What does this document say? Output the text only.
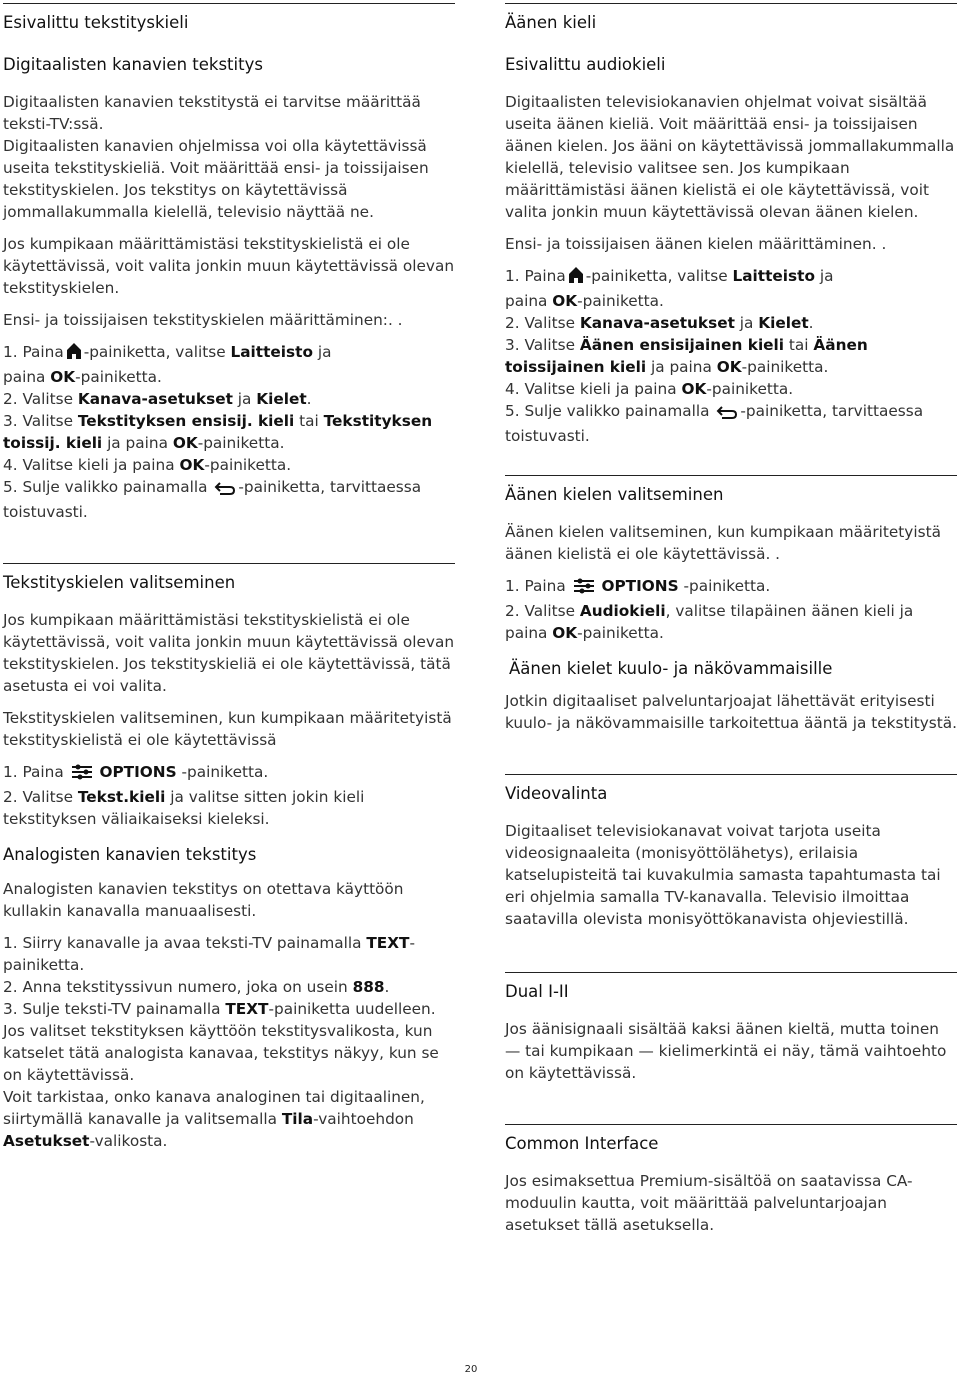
Esivalittu tekstityskieli
Digitaalisten kanavien tekstitys

Digitaalisten kanavien tekstitystä ei tarvitse määrittää teksti-TV:ssä.

Digitaalisten kanavien ohjelmissa voi olla käytettävissä useita tekstityskieliä. Voit määrittää ensi- ja toissijaisen tekstityskielen. Jos tekstitys on käytettävissä jommallakummalla kielellä, televisio näyttää ne.

Jos kumpikaan määrittämistäsi tekstityskielistä ei ole käytettävissä, voit valita jonkin muun käytettävissä olevan tekstityskielen.

Ensi- ja toissijaisen tekstityskielen määrittäminen:. .

1. Paina -painiketta, valitse Laitteisto ja
paina OK-painiketta.

2. Valitse Kanava-asetukset ja Kielet.

3. Valitse Tekstityksen ensisij. kieli tai Tekstityksen toissij. kieli ja paina OK-painiketta.

4. Valitse kieli ja paina OK-painiketta.

5. Sulje valikko painamalla -painiketta, tarvittaessa toistuvasti.

Tekstityskielen valitseminen

Jos kumpikaan määrittämistäsi tekstityskielistä ei ole käytettävissä, voit valita jonkin muun käytettävissä olevan tekstityskielen. Jos tekstityskieliä ei ole käytettävissä, tätä asetusta ei voi valita.

Tekstityskielen valitseminen, kun kumpikaan määritetyistä tekstityskielistä ei ole käytettävissä

1. Paina OPTIONS -painiketta.

2. Valitse Tekst.kieli ja valitse sitten jokin kieli tekstityksen väliaikaiseksi kieleksi.

Analogisten kanavien tekstitys

Analogisten kanavien tekstitys on otettava käyttöön kullakin kanavalla manuaalisesti.

1. Siirry kanavalle ja avaa teksti-TV painamalla TEXT-painiketta.

2. Anna tekstityssivun numero, joka on usein 888.

3. Sulje teksti-TV painamalla TEXT-painiketta uudelleen.

Jos valitset tekstityksen käyttöön tekstitysvalikosta, kun katselet tätä analogista kanavaa, tekstitys näkyy, kun se on käytettävissä.

Voit tarkistaa, onko kanava analoginen tai digitaalinen, siirtymällä kanavalle ja valitsemalla Tila-vaihtoehdon Asetukset-valikosta.

Äänen kieli
Esivalittu audiokieli

Digitaalisten televisiokanavien ohjelmat voivat sisältää useita äänen kieliä. Voit määrittää ensi- ja toissijaisen äänen kielen. Jos ääni on käytettävissä jommallakummalla kielellä, televisio valitsee sen. Jos kumpikaan määrittämistäsi äänen kielistä ei ole käytettävissä, voit valita jonkin muun käytettävissä olevan äänen kielen.

Ensi- ja toissijaisen äänen kielen määrittäminen. .

1. Paina -painiketta, valitse Laitteisto ja
paina OK-painiketta.

2. Valitse Kanava-asetukset ja Kielet.

3. Valitse Äänen ensisijainen kieli tai Äänen toissijainen kieli ja paina OK-painiketta.

4. Valitse kieli ja paina OK-painiketta.

5. Sulje valikko painamalla -painiketta, tarvittaessa toistuvasti.

Äänen kielen valitseminen

Äänen kielen valitseminen, kun kumpikaan määritetyistä äänen kielistä ei ole käytettävissä. .

1. Paina OPTIONS -painiketta.

2. Valitse Audiokieli, valitse tilapäinen äänen kieli ja paina OK-painiketta.

Äänen kielet kuulo- ja näkövammaisille

Jotkin digitaaliset palveluntarjoajat lähettävät erityisesti kuulo- ja näkövammaisille tarkoitettua ääntä ja tekstitystä.

Videovalinta

Digitaaliset televisiokanavat voivat tarjota useita videosignaaleita (monisyöttölähetys), erilaisia katselupisteitä tai kuvakulmia samasta tapahtumasta tai eri ohjelmia samalla TV-kanavalla. Televisio ilmoittaa saatavilla olevista monisyöttökanavista ohjeviestillä.

Dual I-II

Jos äänisignaali sisältää kaksi äänen kieltä, mutta toinen — tai kumpikaan — kielimerkintä ei näy, tämä vaihtoehto on käytettävissä.

Common Interface

Jos esimaksettua Premium-sisältöä on saatavissa CA-moduulin kautta, voit määrittää palveluntarjoajan asetukset tällä asetuksella.

20
